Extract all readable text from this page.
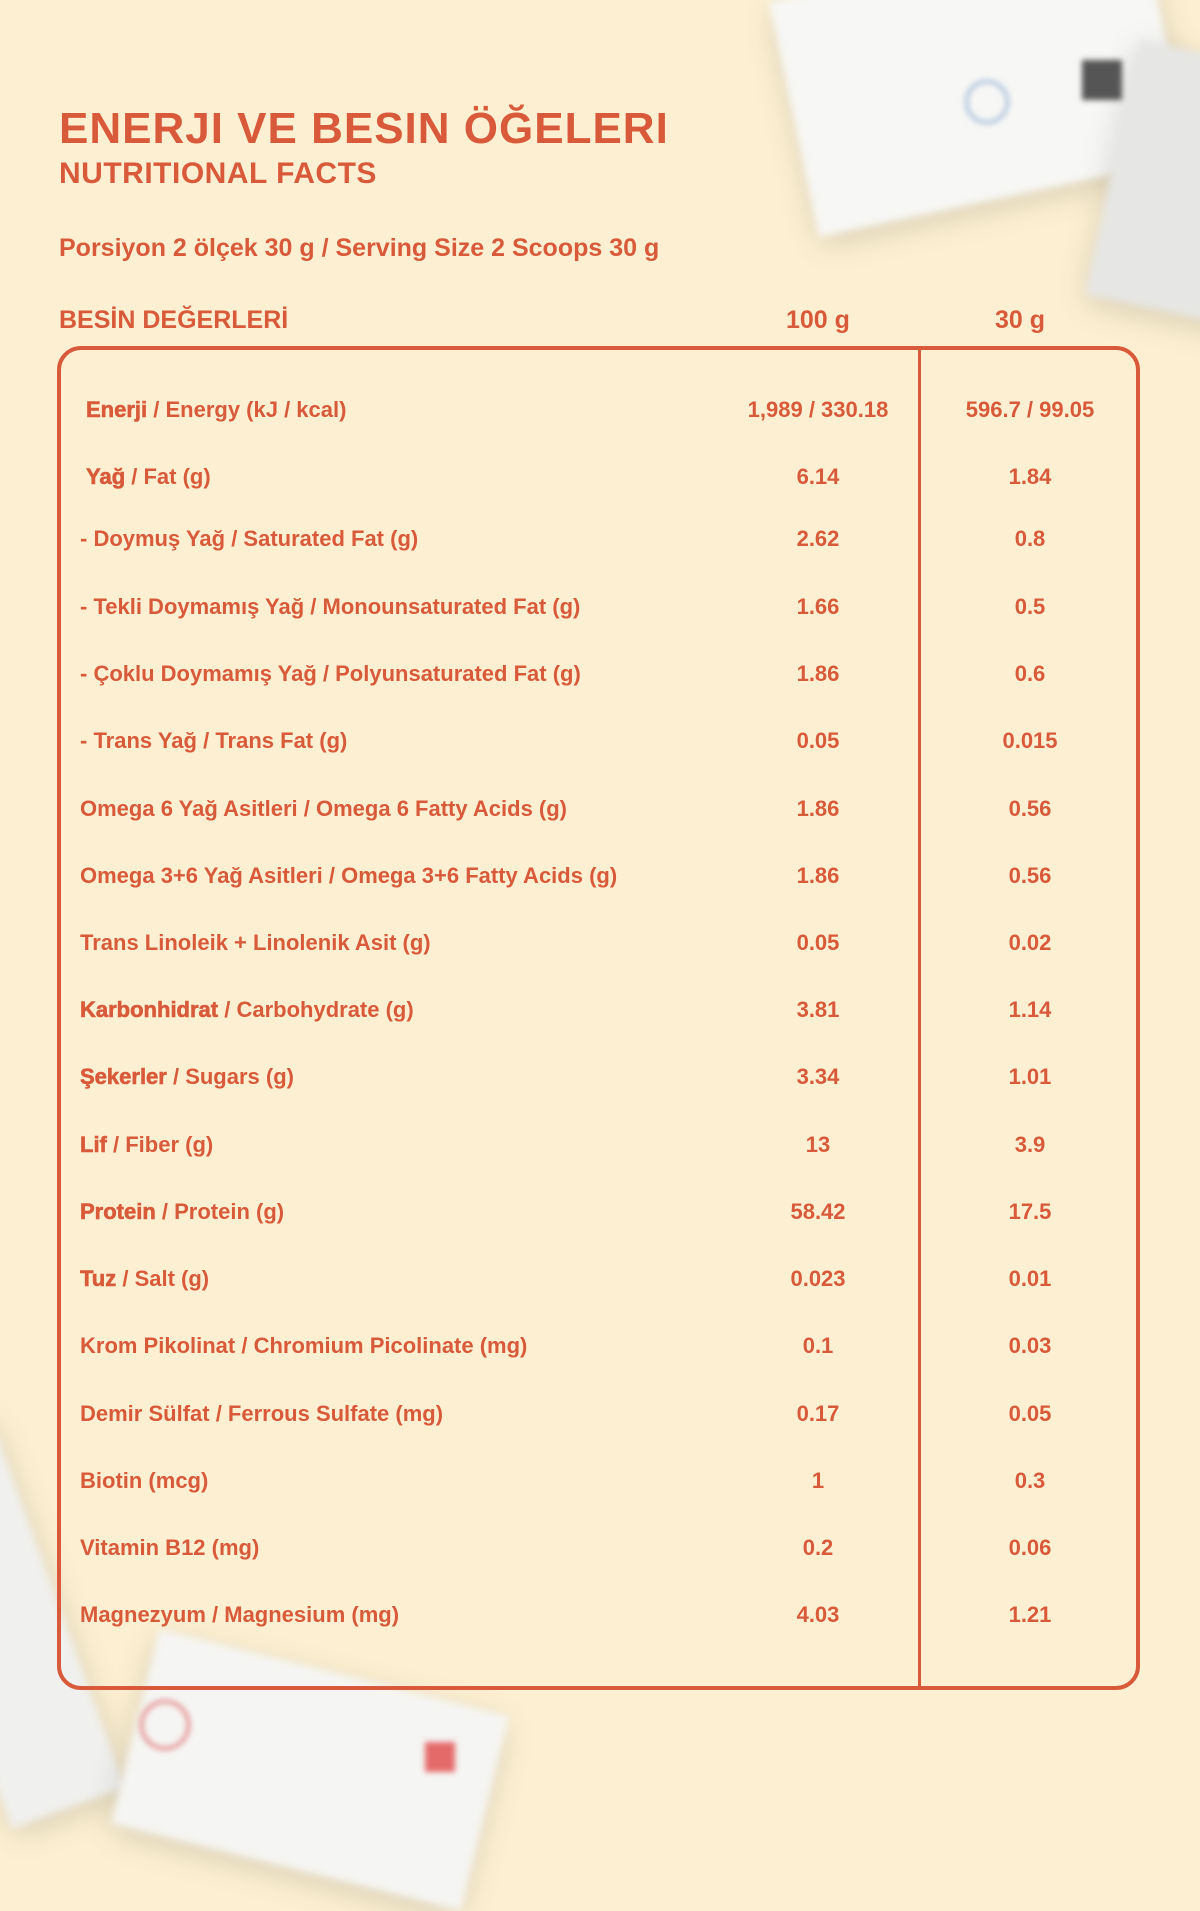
ENERJI VE BESIN ÖĞELERI
NUTRITIONAL FACTS
Porsiyon 2 ölçek 30 g / Serving Size 2 Scoops 30 g
BESİN DEĞERLERİ	100 g	30 g
Enerji / Energy (kJ / kcal)	1,989 / 330.18	596.7 / 99.05
Yağ / Fat (g)	6.14	1.84
- Doymuş Yağ / Saturated Fat (g)	2.62	0.8
- Tekli Doymamış Yağ / Monounsaturated Fat (g)	1.66	0.5
- Çoklu Doymamış Yağ / Polyunsaturated Fat (g)	1.86	0.6
- Trans Yağ / Trans Fat (g)	0.05	0.015
Omega 6 Yağ Asitleri / Omega 6 Fatty Acids (g)	1.86	0.56
Omega 3+6 Yağ Asitleri / Omega 3+6 Fatty Acids (g)	1.86	0.56
Trans Linoleik + Linolenik Asit (g)	0.05	0.02
Karbonhidrat / Carbohydrate (g)	3.81	1.14
Şekerler / Sugars (g)	3.34	1.01
Lif / Fiber (g)	13	3.9
Protein / Protein (g)	58.42	17.5
Tuz / Salt (g)	0.023	0.01
Krom Pikolinat / Chromium Picolinate (mg)	0.1	0.03
Demir Sülfat / Ferrous Sulfate (mg)	0.17	0.05
Biotin (mcg)	1	0.3
Vitamin B12 (mg)	0.2	0.06
Magnezyum / Magnesium (mg)	4.03	1.21
